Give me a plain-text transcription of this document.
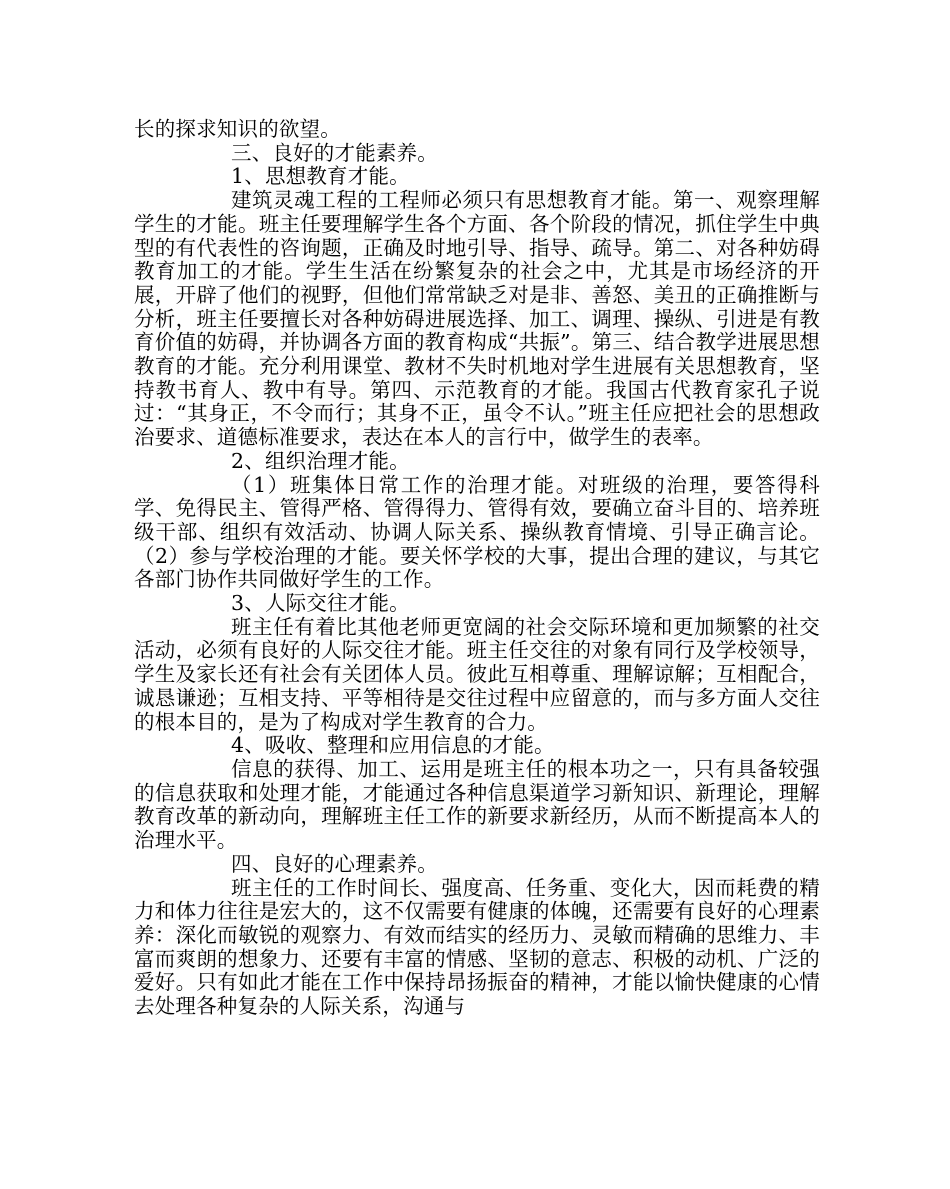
长的探求知识的欲望。

三、良好的才能素养。

1、思想教育才能。

建筑灵魂工程的工程师必须只有思想教育才能。第一、观察理解学生的才能。班主任要理解学生各个方面、各个阶段的情况，抓住学生中典型的有代表性的咨询题，正确及时地引导、指导、疏导。第二、对各种妨碍教育加工的才能。学生生活在纷繁复杂的社会之中，尤其是市场经济的开展，开辟了他们的视野，但他们常常缺乏对是非、善怒、美丑的正确推断与分析，班主任要擅长对各种妨碍进展选择、加工、调理、操纵、引进是有教育价值的妨碍，并协调各方面的教育构成“共振”。第三、结合教学进展思想教育的才能。充分利用课堂、教材不失时机地对学生进展有关思想教育，坚持教书育人、教中有导。第四、示范教育的才能。我国古代教育家孔子说过：“其身正，不令而行；其身不正，虽令不认。”班主任应把社会的思想政治要求、道德标准要求，表达在本人的言行中，做学生的表率。

2、组织治理才能。

（1）班集体日常工作的治理才能。对班级的治理，要答得科学、免得民主、管得严格、管得得力、管得有效，要确立奋斗目的、培养班级干部、组织有效活动、协调人际关系、操纵教育情境、引导正确言论。（2）参与学校治理的才能。要关怀学校的大事，提出合理的建议，与其它各部门协作共同做好学生的工作。

3、人际交往才能。

班主任有着比其他老师更宽阔的社会交际环境和更加频繁的社交活动，必须有良好的人际交往才能。班主任交往的对象有同行及学校领导，学生及家长还有社会有关团体人员。彼此互相尊重、理解谅解；互相配合，诚恳谦逊；互相支持、平等相待是交往过程中应留意的，而与多方面人交往的根本目的，是为了构成对学生教育的合力。

4、吸收、整理和应用信息的才能。

信息的获得、加工、运用是班主任的根本功之一，只有具备较强的信息获取和处理才能，才能通过各种信息渠道学习新知识、新理论，理解教育改革的新动向，理解班主任工作的新要求新经历，从而不断提高本人的治理水平。

四、良好的心理素养。

班主任的工作时间长、强度高、任务重、变化大，因而耗费的精力和体力往往是宏大的，这不仅需要有健康的体魄，还需要有良好的心理素养：深化而敏锐的观察力、有效而结实的经历力、灵敏而精确的思维力、丰富而爽朗的想象力、还要有丰富的情感、坚韧的意志、积极的动机、广泛的爱好。只有如此才能在工作中保持昂扬振奋的精神，才能以愉快健康的心情去处理各种复杂的人际关系，沟通与
